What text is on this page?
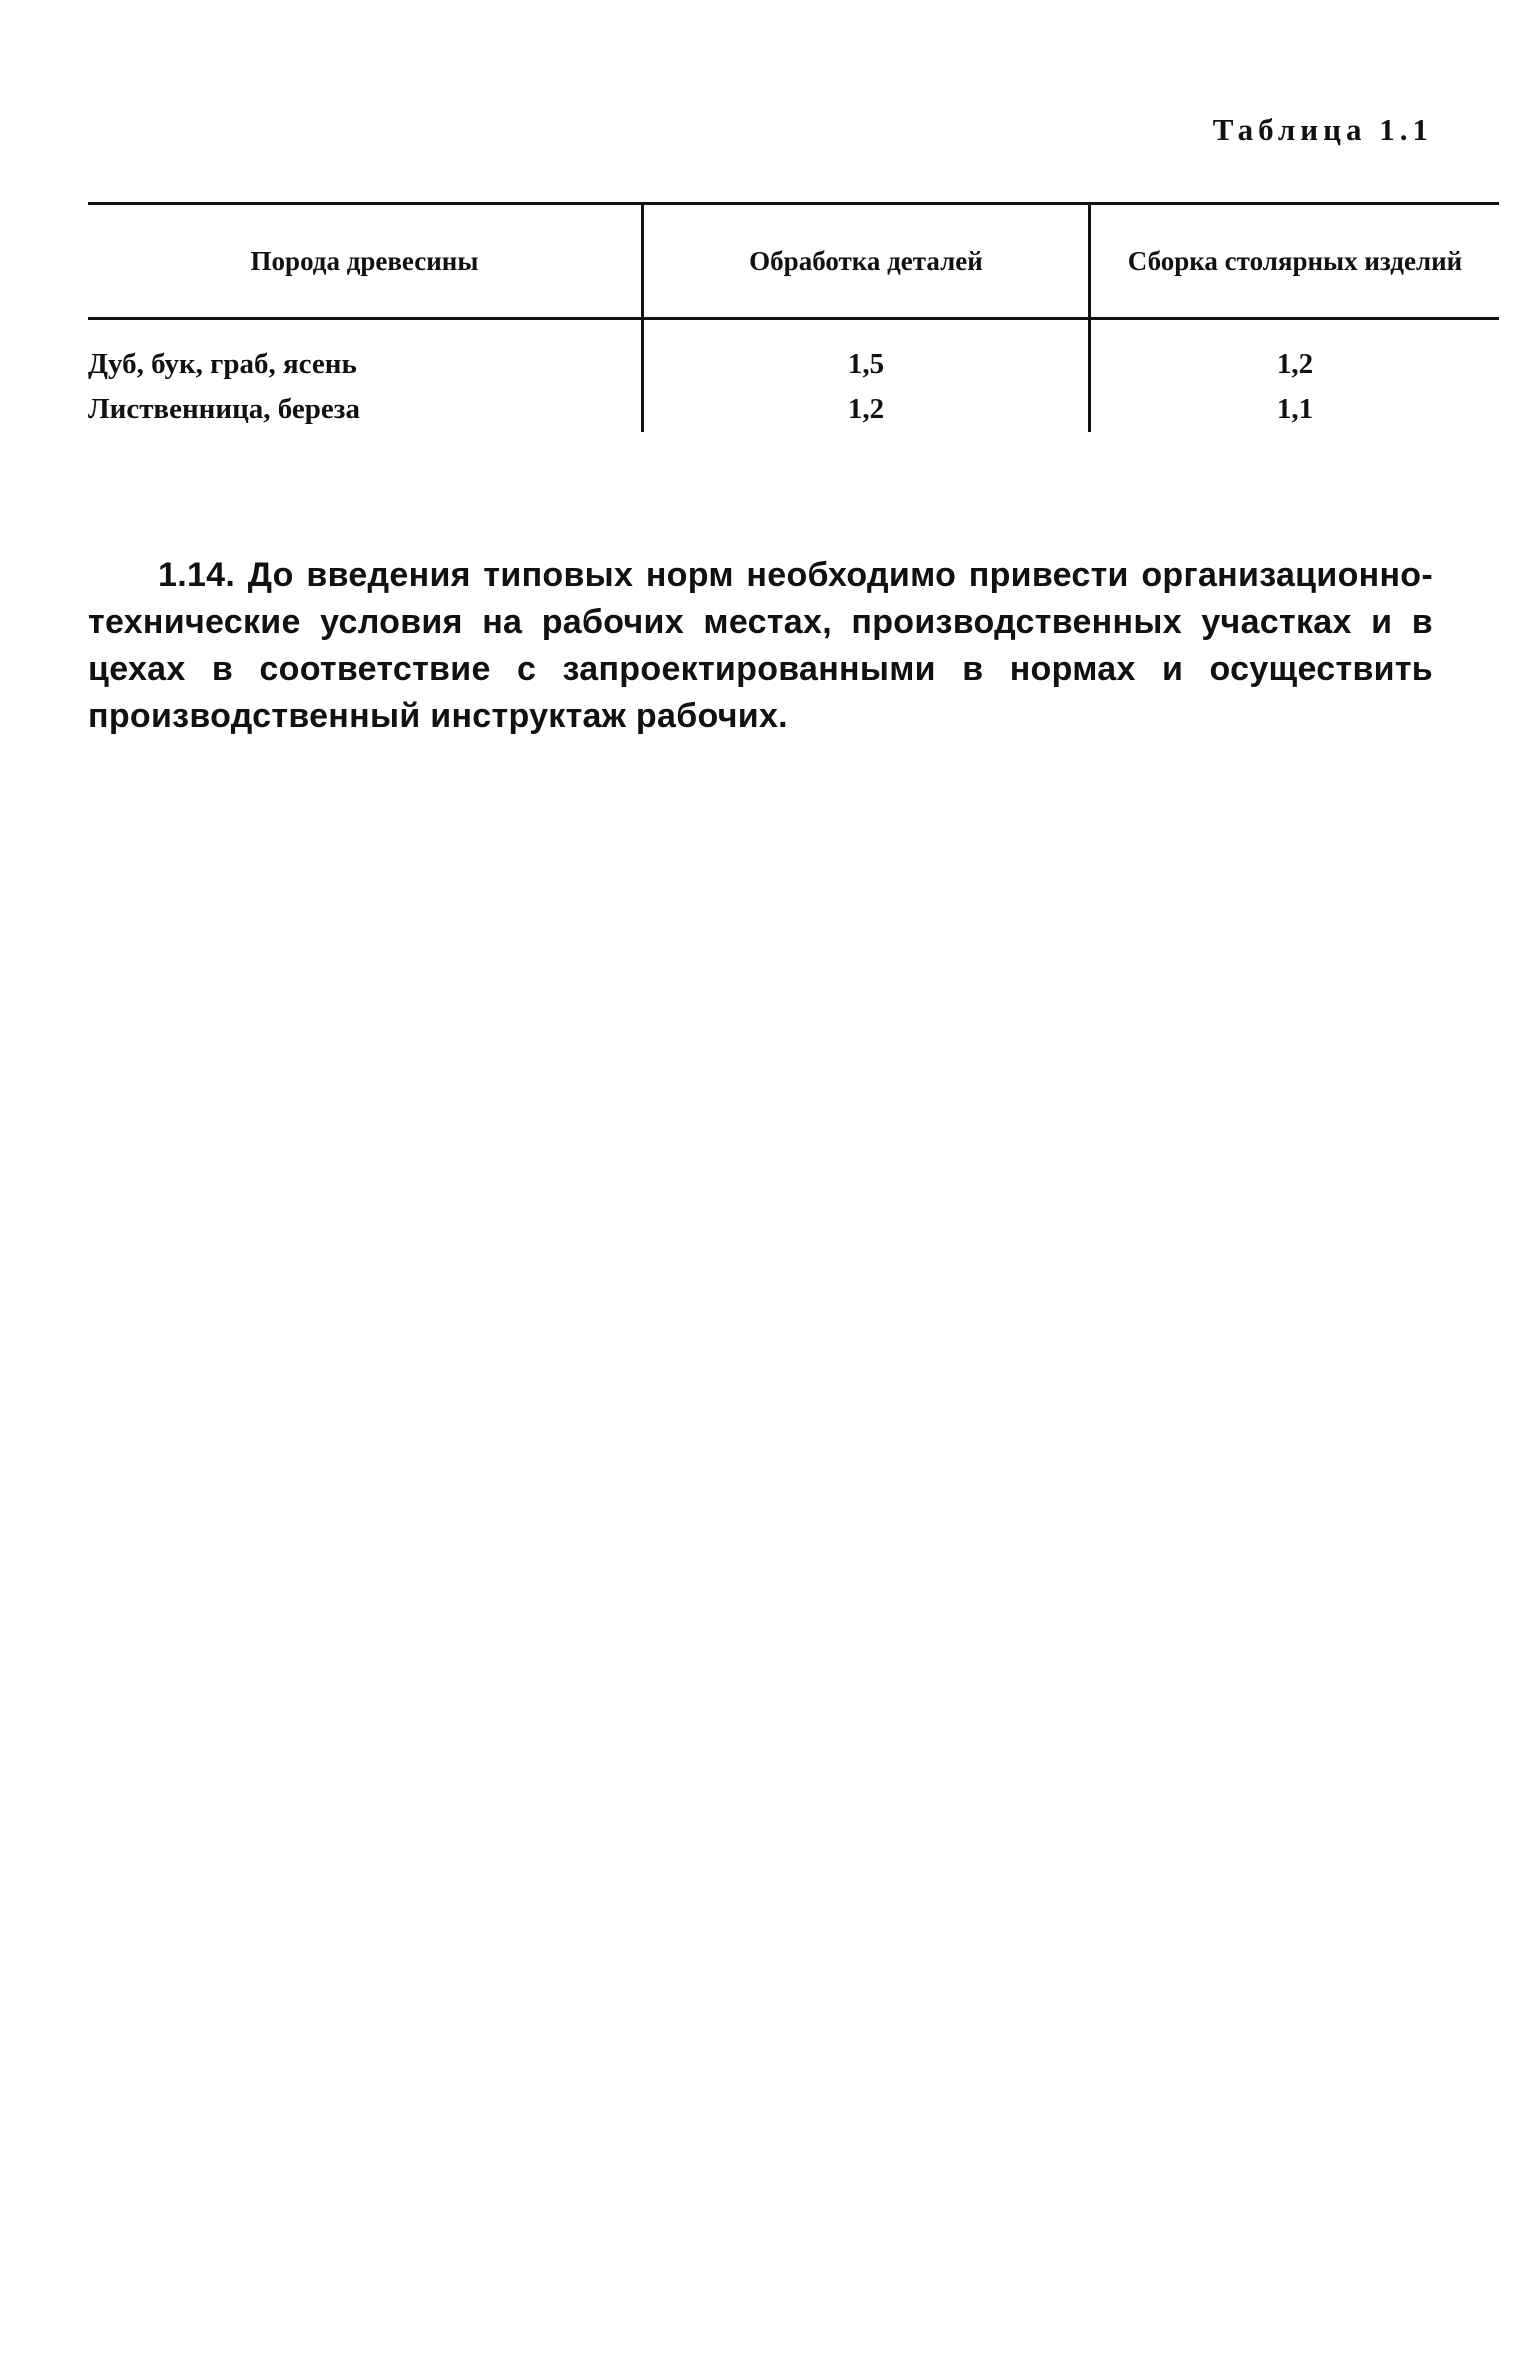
Таблица 1.1
Порода древесины	Обработка деталей	Сборка столярных изделий
Дуб, бук, граб, ясень	1,5	1,2
Лиственница, береза	1,2	1,1

1.14. До введения типовых норм необходимо привести организационно-технические условия на рабочих местах, производственных участках и в цехах в соответствие с запроектированными в нормах и осуществить производственный инструктаж рабочих.
